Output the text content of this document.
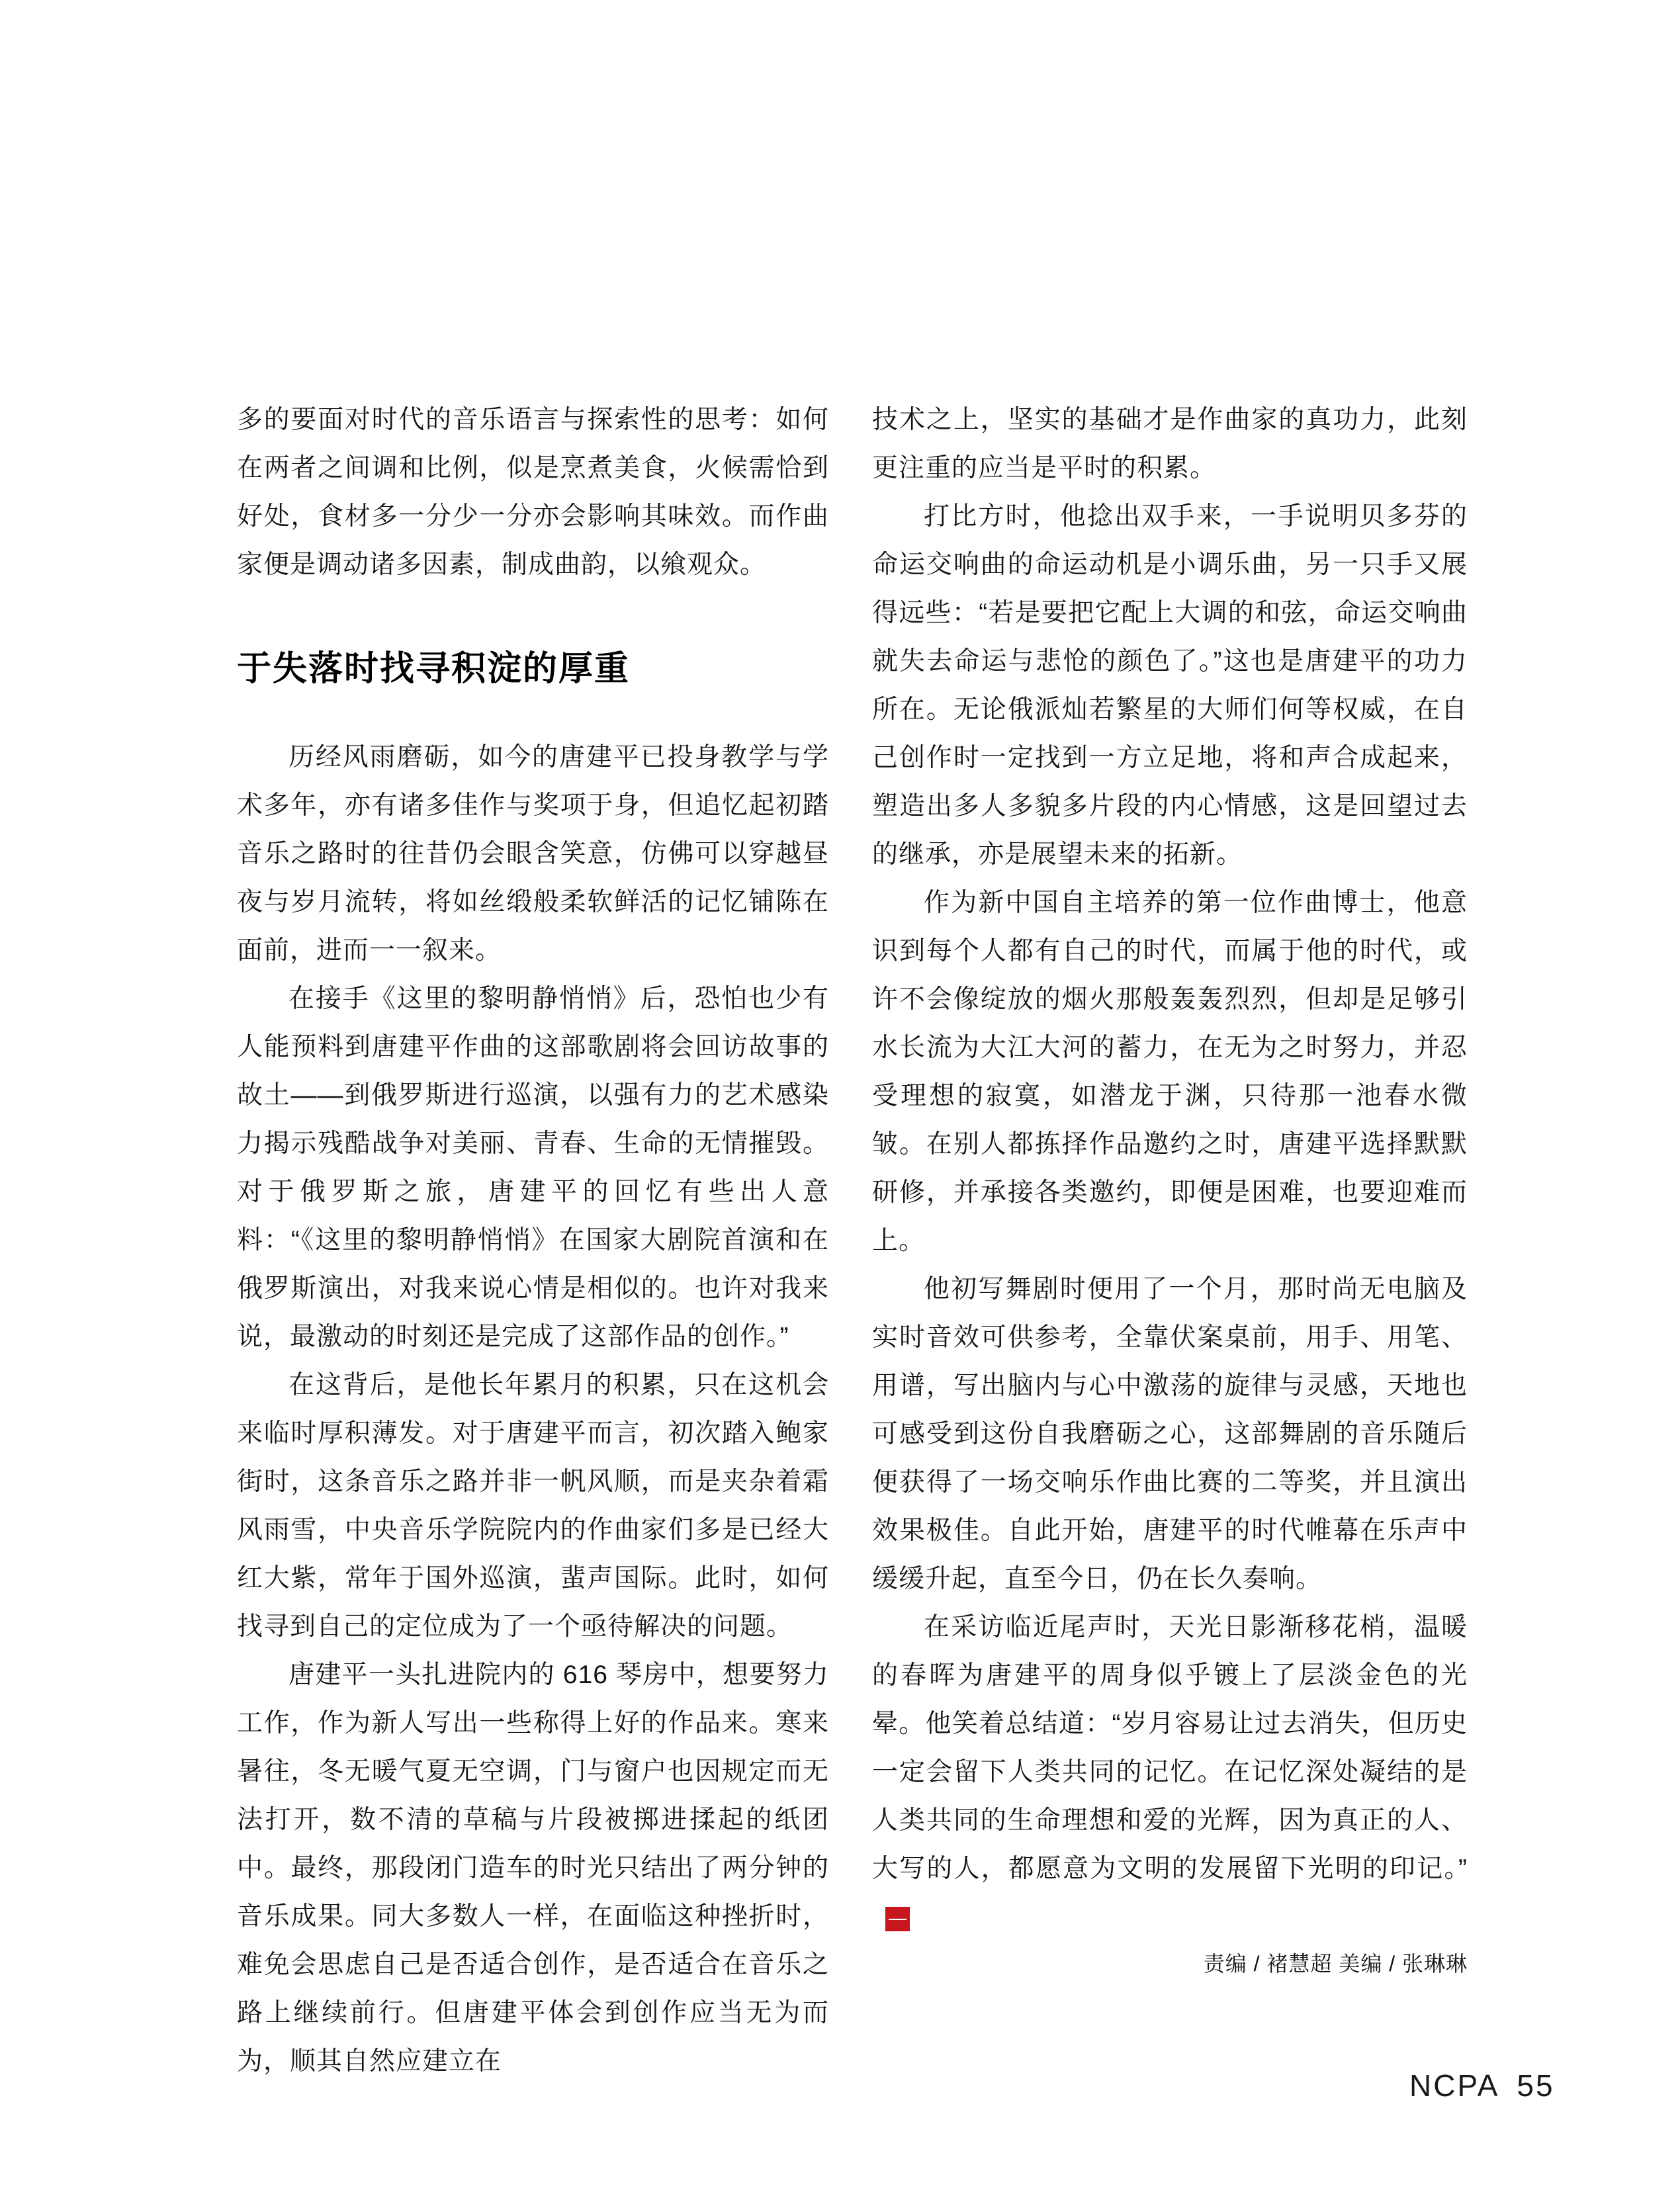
多的要面对时代的音乐语言与探索性的思考：如何在两者之间调和比例，似是烹煮美食，火候需恰到好处，食材多一分少一分亦会影响其味效。而作曲家便是调动诸多因素，制成曲韵，以飨观众。

于失落时找寻积淀的厚重

历经风雨磨砺，如今的唐建平已投身教学与学术多年，亦有诸多佳作与奖项于身，但追忆起初踏音乐之路时的往昔仍会眼含笑意，仿佛可以穿越昼夜与岁月流转，将如丝缎般柔软鲜活的记忆铺陈在面前，进而一一叙来。

在接手《这里的黎明静悄悄》后，恐怕也少有人能预料到唐建平作曲的这部歌剧将会回访故事的故土——到俄罗斯进行巡演，以强有力的艺术感染力揭示残酷战争对美丽、青春、生命的无情摧毁。对于俄罗斯之旅，唐建平的回忆有些出人意料：“《这里的黎明静悄悄》在国家大剧院首演和在俄罗斯演出，对我来说心情是相似的。也许对我来说，最激动的时刻还是完成了这部作品的创作。”

在这背后，是他长年累月的积累，只在这机会来临时厚积薄发。对于唐建平而言，初次踏入鲍家街时，这条音乐之路并非一帆风顺，而是夹杂着霜风雨雪，中央音乐学院院内的作曲家们多是已经大红大紫，常年于国外巡演，蜚声国际。此时，如何找寻到自己的定位成为了一个亟待解决的问题。

唐建平一头扎进院内的 616 琴房中，想要努力工作，作为新人写出一些称得上好的作品来。寒来暑往，冬无暖气夏无空调，门与窗户也因规定而无法打开，数不清的草稿与片段被掷进揉起的纸团中。最终，那段闭门造车的时光只结出了两分钟的音乐成果。同大多数人一样，在面临这种挫折时，难免会思虑自己是否适合创作，是否适合在音乐之路上继续前行。但唐建平体会到创作应当无为而为，顺其自然应建立在

技术之上，坚实的基础才是作曲家的真功力，此刻更注重的应当是平时的积累。

打比方时，他捻出双手来，一手说明贝多芬的命运交响曲的命运动机是小调乐曲，另一只手又展得远些：“若是要把它配上大调的和弦，命运交响曲就失去命运与悲怆的颜色了。”这也是唐建平的功力所在。无论俄派灿若繁星的大师们何等权威，在自己创作时一定找到一方立足地，将和声合成起来，塑造出多人多貌多片段的内心情感，这是回望过去的继承，亦是展望未来的拓新。

作为新中国自主培养的第一位作曲博士，他意识到每个人都有自己的时代，而属于他的时代，或许不会像绽放的烟火那般轰轰烈烈，但却是足够引水长流为大江大河的蓄力，在无为之时努力，并忍受理想的寂寞，如潜龙于渊，只待那一池春水微皱。在别人都拣择作品邀约之时，唐建平选择默默研修，并承接各类邀约，即便是困难，也要迎难而上。

他初写舞剧时便用了一个月，那时尚无电脑及实时音效可供参考，全靠伏案桌前，用手、用笔、用谱，写出脑内与心中激荡的旋律与灵感，天地也可感受到这份自我磨砺之心，这部舞剧的音乐随后便获得了一场交响乐作曲比赛的二等奖，并且演出效果极佳。自此开始，唐建平的时代帷幕在乐声中缓缓升起，直至今日，仍在长久奏响。

在采访临近尾声时，天光日影渐移花梢，温暖的春晖为唐建平的周身似乎镀上了层淡金色的光晕。他笑着总结道：“岁月容易让过去消失，但历史一定会留下人类共同的记忆。在记忆深处凝结的是人类共同的生命理想和爱的光辉，因为真正的人、大写的人，都愿意为文明的发展留下光明的印记。”
$\frac{NC}{PA}$

责编 / 褚慧超 美编 / 张琳琳
NCPA 55
